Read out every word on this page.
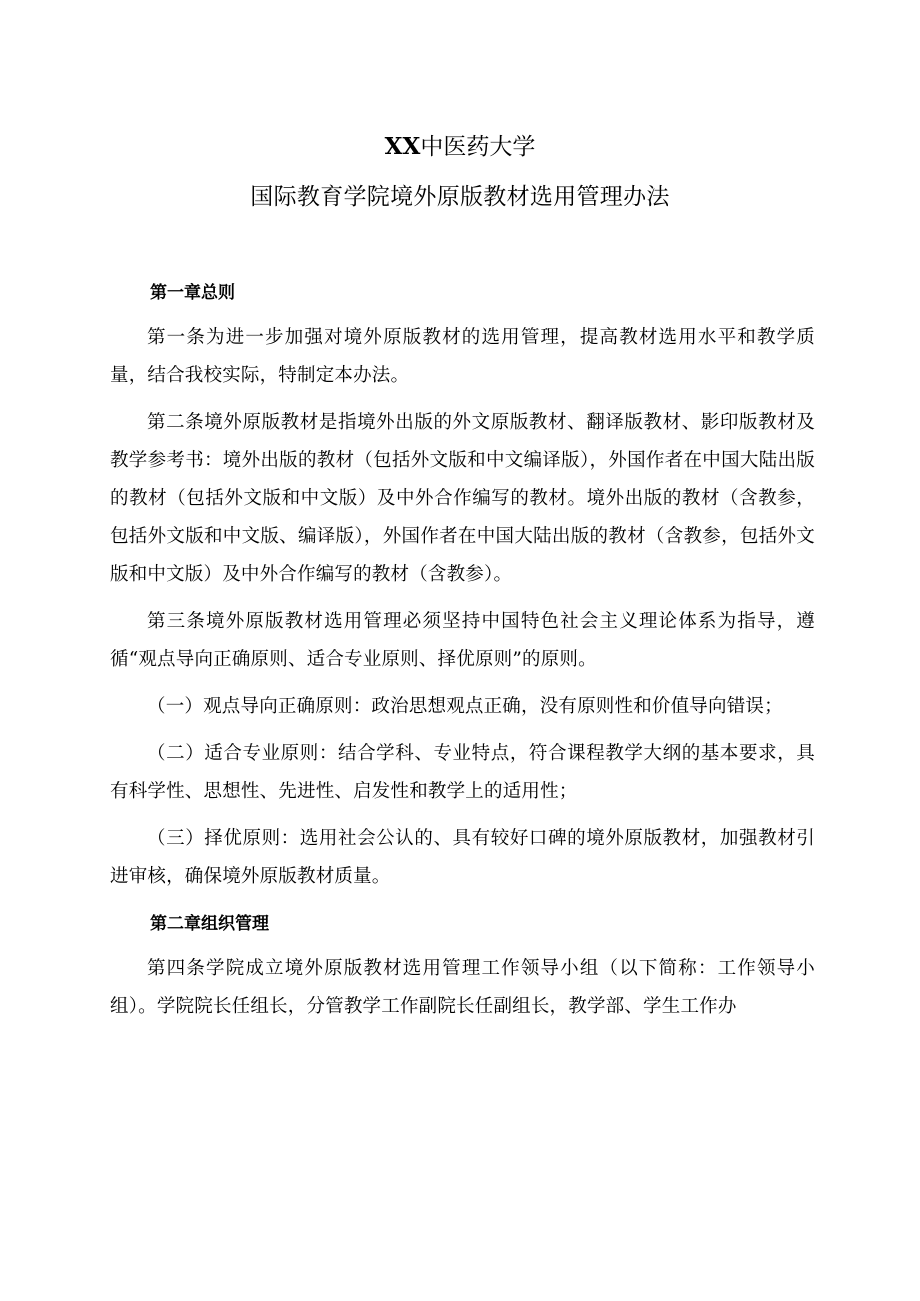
XX中医药大学
国际教育学院境外原版教材选用管理办法
第一章总则

第一条为进一步加强对境外原版教材的选用管理，提高教材选用水平和教学质量，结合我校实际，特制定本办法。

第二条境外原版教材是指境外出版的外文原版教材、翻译版教材、影印版教材及教学参考书：境外出版的教材（包括外文版和中文编译版），外国作者在中国大陆出版的教材（包括外文版和中文版）及中外合作编写的教材。境外出版的教材（含教参，包括外文版和中文版、编译版），外国作者在中国大陆出版的教材（含教参，包括外文版和中文版）及中外合作编写的教材（含教参）。

第三条境外原版教材选用管理必须坚持中国特色社会主义理论体系为指导，遵循“观点导向正确原则、适合专业原则、择优原则”的原则。

（一）观点导向正确原则：政治思想观点正确，没有原则性和价值导向错误；

（二）适合专业原则：结合学科、专业特点，符合课程教学大纲的基本要求，具有科学性、思想性、先进性、启发性和教学上的适用性；

（三）择优原则：选用社会公认的、具有较好口碑的境外原版教材，加强教材引进审核，确保境外原版教材质量。

第二章组织管理

第四条学院成立境外原版教材选用管理工作领导小组（以下简称：工作领导小组）。学院院长任组长，分管教学工作副院长任副组长，教学部、学生工作办
